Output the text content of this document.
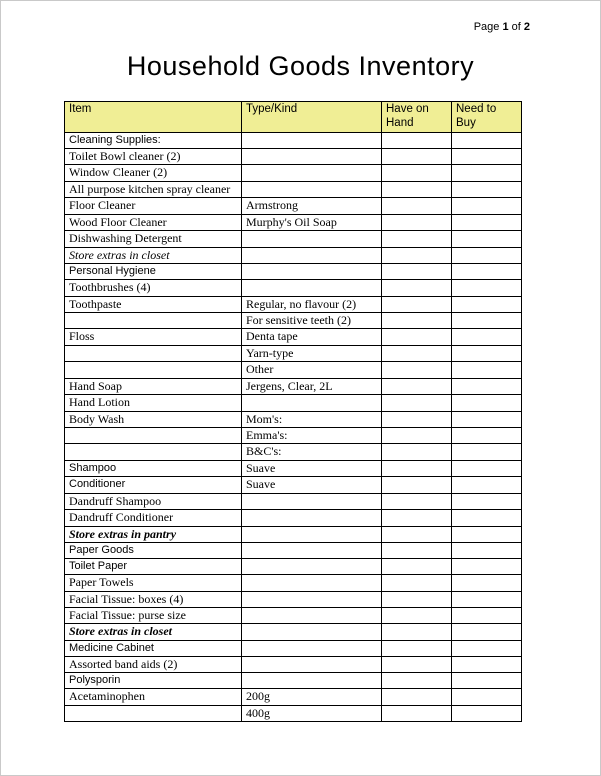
Page 1 of 2
Household Goods Inventory
Item	Type/Kind	Have on Hand	Need to Buy
Cleaning Supplies:			
Toilet Bowl cleaner (2)			
Window Cleaner (2)			
All purpose kitchen spray cleaner			
Floor Cleaner	Armstrong		
Wood Floor Cleaner	Murphy's Oil Soap		
Dishwashing Detergent			
Store extras in closet			
Personal Hygiene			
Toothbrushes (4)			
Toothpaste	Regular, no flavour (2)		
	For sensitive teeth (2)		
Floss	Denta tape		
	Yarn-type		
	Other		
Hand Soap	Jergens, Clear, 2L		
Hand Lotion			
Body Wash	Mom's:		
	Emma's:		
	B&C's:		
Shampoo	Suave		
Conditioner	Suave		
Dandruff Shampoo			
Dandruff Conditioner			
Store extras in pantry			
Paper Goods			
Toilet Paper			
Paper Towels			
Facial Tissue: boxes (4)			
Facial Tissue: purse size			
Store extras in closet			
Medicine Cabinet			
Assorted band aids (2)			
Polysporin			
Acetaminophen	200g		
	400g		
